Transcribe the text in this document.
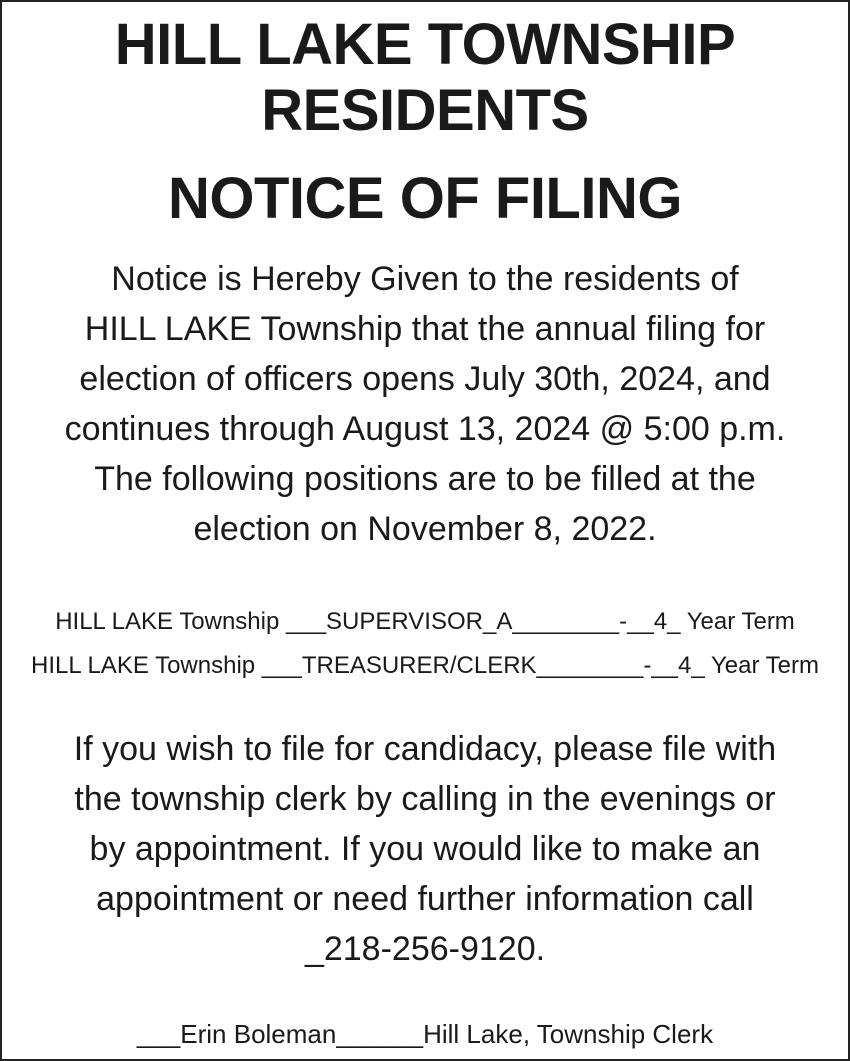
HILL LAKE TOWNSHIP
RESIDENTS
NOTICE OF FILING
Notice is Hereby Given to the residents of
HILL LAKE Township that the annual filing for
election of officers opens July 30th, 2024, and
continues through August 13, 2024 @ 5:00 p.m.
The following positions are to be filled at the
election on November 8, 2022.
HILL LAKE Township ___SUPERVISOR_A________-__4_ Year Term
HILL LAKE Township ___TREASURER/CLERK________-__4_ Year Term
If you wish to file for candidacy, please file with
the township clerk by calling in the evenings or
by appointment. If you would like to make an
appointment or need further information call
_218-256-9120.
___Erin Boleman______Hill Lake, Township Clerk
